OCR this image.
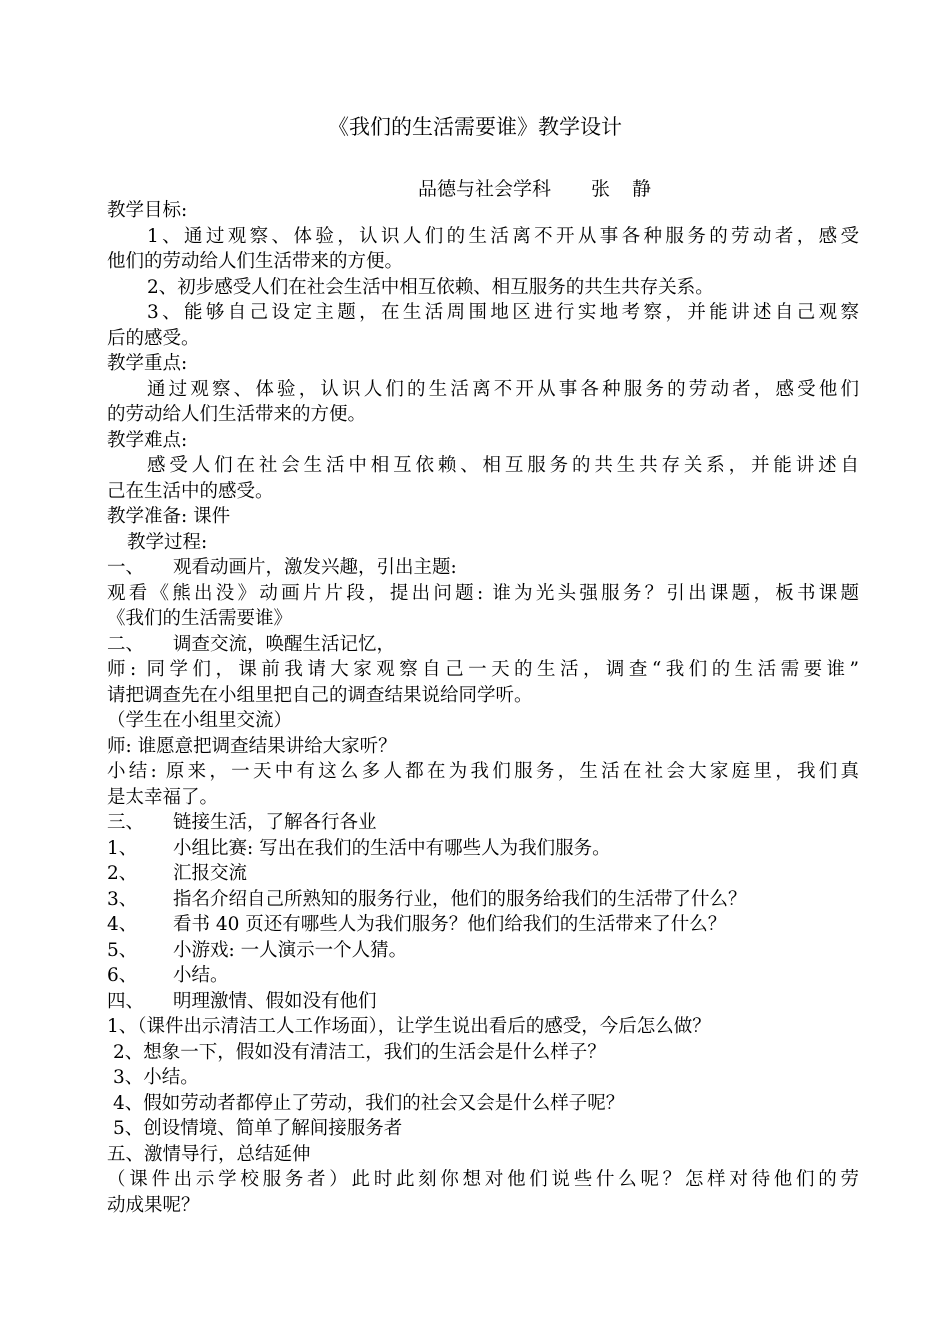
《我们的生活需要谁》教学设计
品德与社会学科 张 静
教学目标:
1、通过观察、体验，认识人们的生活离不开从事各种服务的劳动者，感受
他们的劳动给人们生活带来的方便。
2、初步感受人们在社会生活中相互依赖、相互服务的共生共存关系。
3、能够自己设定主题，在生活周围地区进行实地考察，并能讲述自己观察
后的感受。
教学重点:
通过观察、体验，认识人们的生活离不开从事各种服务的劳动者，感受他们
的劳动给人们生活带来的方便。
教学难点:
感受人们在社会生活中相互依赖、相互服务的共生共存关系，并能讲述自
己在生活中的感受。
教学准备: 课件
教学过程:
一、 观看动画片，激发兴趣，引出主题:
观看《熊出没》动画片片段，提出问题: 谁为光头强服务？引出课题，板书课题
《我们的生活需要谁》
二、 调查交流，唤醒生活记忆，
师: 同学们，课前我请大家观察自己一天的生活，调查“我们的生活需要谁”
请把调查先在小组里把自己的调查结果说给同学听。
（学生在小组里交流）
师: 谁愿意把调查结果讲给大家听？
小结: 原来，一天中有这么多人都在为我们服务，生活在社会大家庭里，我们真
是太幸福了。
三、 链接生活，了解各行各业
1、 小组比赛: 写出在我们的生活中有哪些人为我们服务。
2、 汇报交流
3、 指名介绍自己所熟知的服务行业，他们的服务给我们的生活带了什么？
4、 看书 40 页还有哪些人为我们服务？他们给我们的生活带来了什么？
5、 小游戏: 一人演示一个人猜。
6、 小结。
四、 明理激情、假如没有他们
1、（课件出示清洁工人工作场面），让学生说出看后的感受，今后怎么做？
2、想象一下，假如没有清洁工，我们的生活会是什么样子？
3、小结。
4、假如劳动者都停止了劳动，我们的社会又会是什么样子呢？
5、创设情境、简单了解间接服务者
五、激情导行，总结延伸
（课件出示学校服务者）此时此刻你想对他们说些什么呢？怎样对待他们的劳
动成果呢？
